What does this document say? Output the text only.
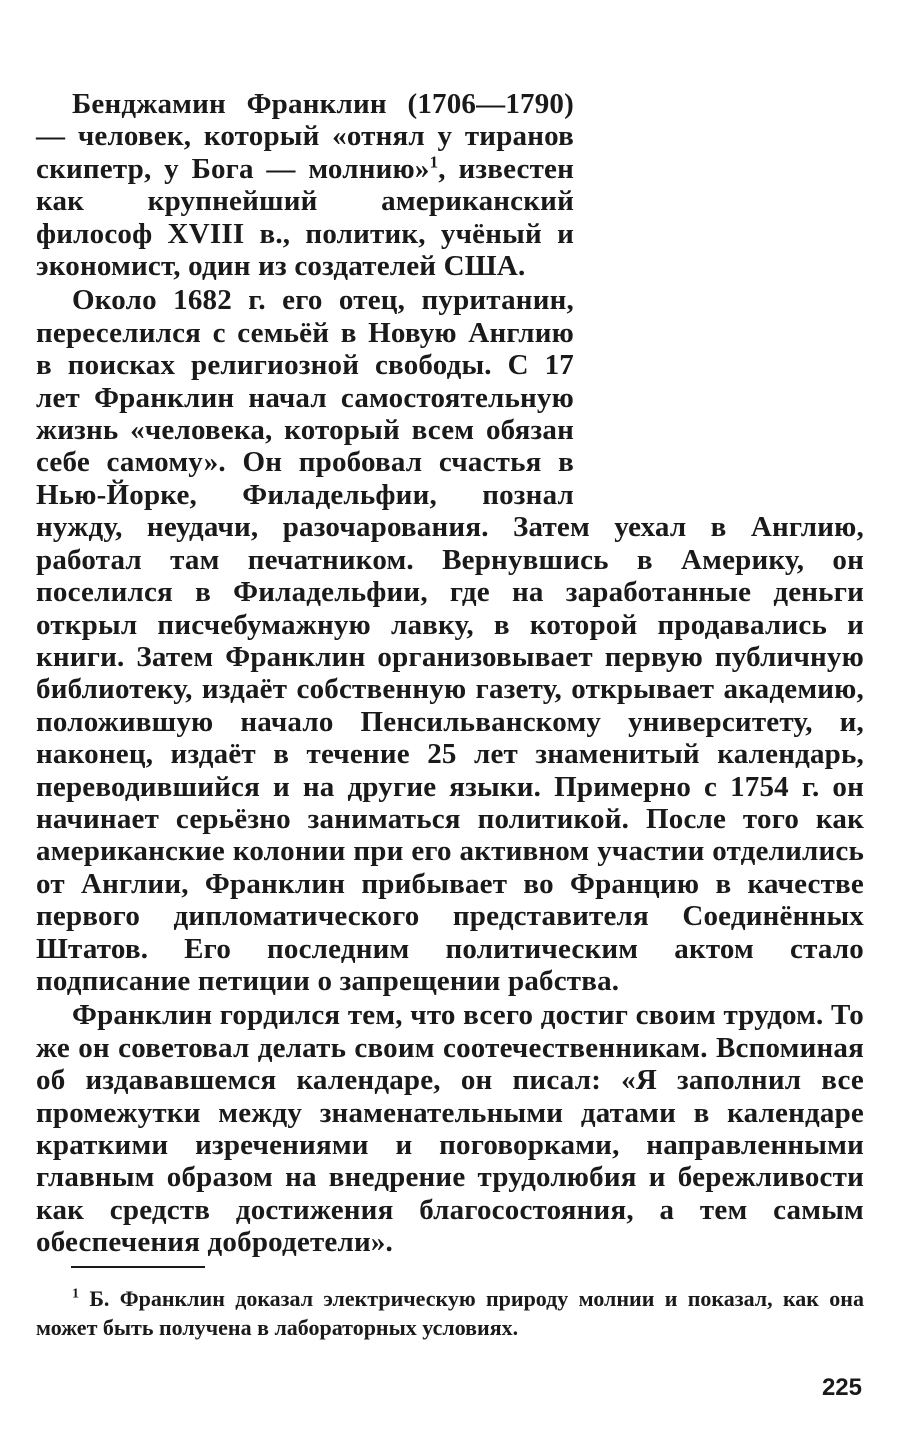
Бенджамин Франклин (1706—1790) — человек, который «отнял у тиранов скипетр, у Бога — молнию»$^1$, известен как крупнейший американский философ XVIII в., политик, учёный и экономист, один из создателей США.

Около 1682 г. его отец, пуританин, переселился с семьёй в Новую Англию в поисках религиозной свободы. С 17 лет Франклин начал самостоятельную жизнь «человека, который всем обязан себе самому». Он пробовал счастья в Нью-Йорке, Филадельфии, познал нужду, неудачи, разочарования. Затем уехал в Англию, работал там печатником. Вернувшись в Америку, он поселился в Филадельфии, где на заработанные деньги открыл писчебумажную лавку, в которой продавались и книги. Затем Франклин организовывает первую публичную библиотеку, издаёт собственную газету, открывает академию, положившую начало Пенсильванскому университету, и, наконец, издаёт в течение 25 лет знаменитый календарь, переводившийся и на другие языки. Примерно с 1754 г. он начинает серьёзно заниматься политикой. После того как американские колонии при его активном участии отделились от Англии, Франклин прибывает во Францию в качестве первого дипломатического представителя Соединённых Штатов. Его последним политическим актом стало подписание петиции о запрещении рабства.

Франклин гордился тем, что всего достиг своим трудом. То же он советовал делать своим соотечественникам. Вспоминая об издававшемся календаре, он писал: «Я заполнил все промежутки между знаменательными датами в календаре краткими изречениями и поговорками, направленными главным образом на внедрение трудолюбия и бережливости как средств достижения благосостояния, а тем самым обеспечения добродетели».

$^1$ Б. Франклин доказал электрическую природу молнии и показал, как она может быть получена в лабораторных условиях.
225
